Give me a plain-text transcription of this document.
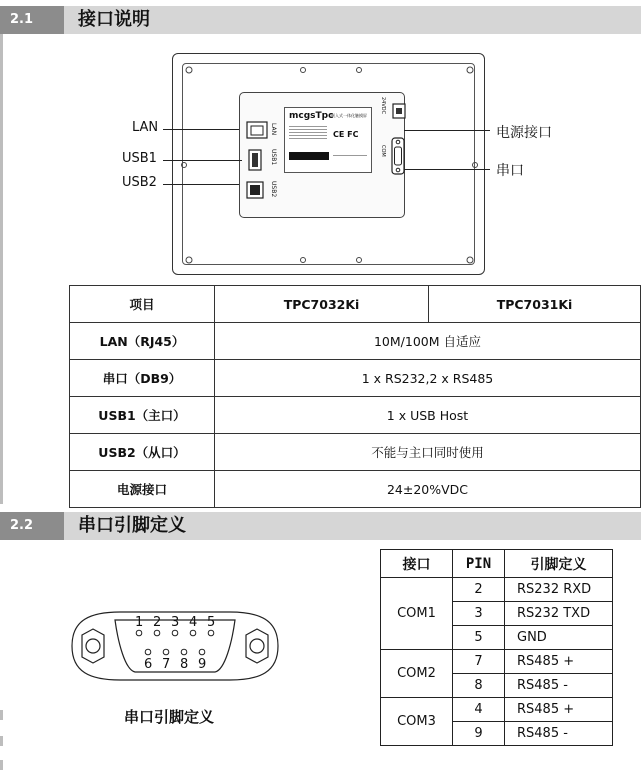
2.1	接口说明
LAN
USB1
USB2
mcgsTpc
嵌入式一体化触摸屏
CE FC
24VDC
COM
LAN
USB1
USB2
电源接口
串口
项目	TPC7032Ki	TPC7031Ki
LAN（RJ45）	10M/100M 自适应	
串口（DB9）	1 x RS232,2 x RS485	
USB1（主口）	1 x USB Host	
USB2（从口）	不能与主口同时使用	
电源接口	24±20%VDC	
2.2	串口引脚定义
1 2 3 4 5
6 7 8 9
串口引脚定义
接口	PIN	引脚定义
COM1	2	RS232 RXD
	3	RS232 TXD
	5	GND
COM2	7	RS485 +
	8	RS485 -
COM3	4	RS485 +
	9	RS485 -
